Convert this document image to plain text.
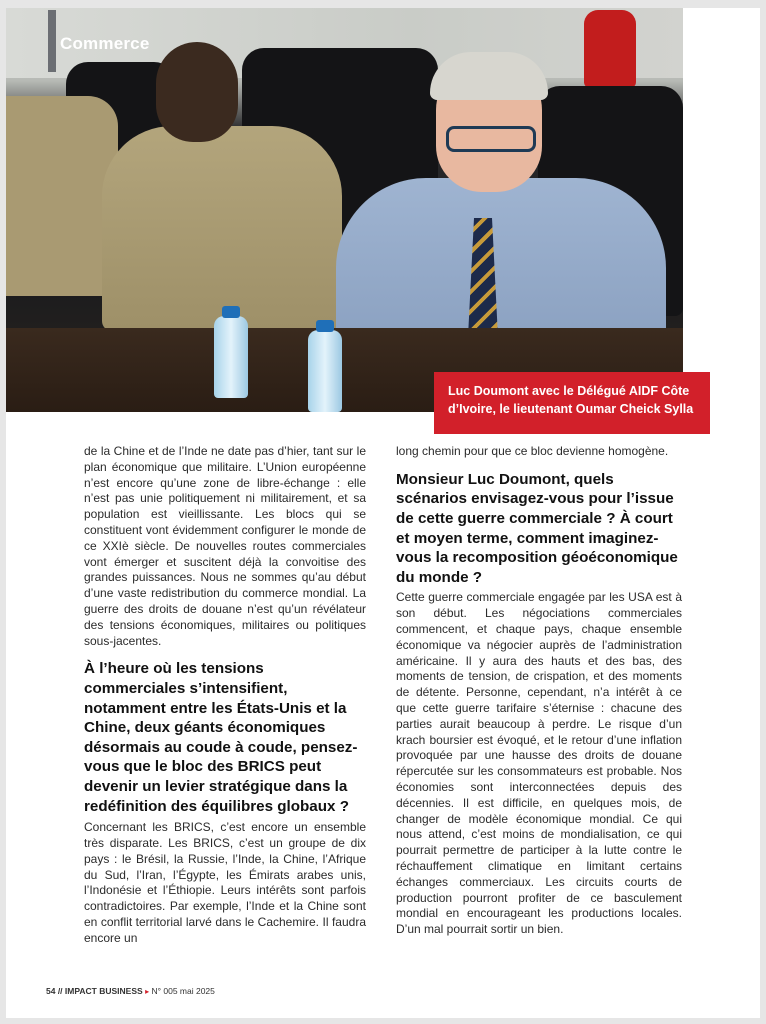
Commerce
Luc Doumont avec le Délégué AIDF Côte d’Ivoire, le lieutenant Oumar Cheick Sylla

de la Chine et de l’Inde ne date pas d’hier, tant sur le plan économique que militaire. L’Union européenne n’est encore qu’une zone de libre-échange : elle n’est pas unie politiquement ni militairement, et sa population est vieillissante. Les blocs qui se constituent vont évidemment configurer le monde de ce XXIè siècle. De nouvelles routes commerciales vont émerger et suscitent déjà la convoitise des grandes puissances. Nous ne sommes qu’au début d’une vaste redistribution du commerce mondial. La guerre des droits de douane n’est qu’un révélateur des tensions économiques, militaires ou politiques sous-jacentes.

À l’heure où les tensions commerciales s’intensifient, notamment entre les États-Unis et la Chine, deux géants économiques désormais au coude à coude, pensez-vous que le bloc des BRICS peut devenir un levier stratégique dans la redéfinition des équilibres globaux ?

Concernant les BRICS, c’est encore un ensemble très disparate. Les BRICS, c’est un groupe de dix pays : le Brésil, la Russie, l’Inde, la Chine, l’Afrique du Sud, l’Iran, l’Égypte, les Émirats arabes unis, l’Indonésie et l’Éthiopie. Leurs intérêts sont parfois contradictoires. Par exemple, l’Inde et la Chine sont en conflit territorial larvé dans le Cachemire. Il faudra encore un

long chemin pour que ce bloc devienne homogène.

Monsieur Luc Doumont, quels scénarios envisagez-vous pour l’issue de cette guerre commerciale ? À court et moyen terme, comment imaginez-vous la recomposition géoéconomique du monde ?

Cette guerre commerciale engagée par les USA est à son début. Les négociations commerciales commencent, et chaque pays, chaque ensemble économique va négocier auprès de l’administration américaine. Il y aura des hauts et des bas, des moments de tension, de crispation, et des moments de détente. Personne, cependant, n’a intérêt à ce que cette guerre tarifaire s’éternise : chacune des parties aurait beaucoup à perdre. Le risque d’un krach boursier est évoqué, et le retour d’une inflation provoquée par une hausse des droits de douane répercutée sur les consommateurs est probable. Nos économies sont interconnectées depuis des décennies. Il est difficile, en quelques mois, de changer de modèle économique mondial. Ce qui nous attend, c’est moins de mondialisation, ce qui pourrait permettre de participer à la lutte contre le réchauffement climatique en limitant certains échanges commerciaux. Les circuits courts de production pourront profiter de ce basculement mondial en encourageant les productions locales. D’un mal pourrait sortir un bien.

54 // IMPACT BUSINESS ▸ N° 005 mai 2025
